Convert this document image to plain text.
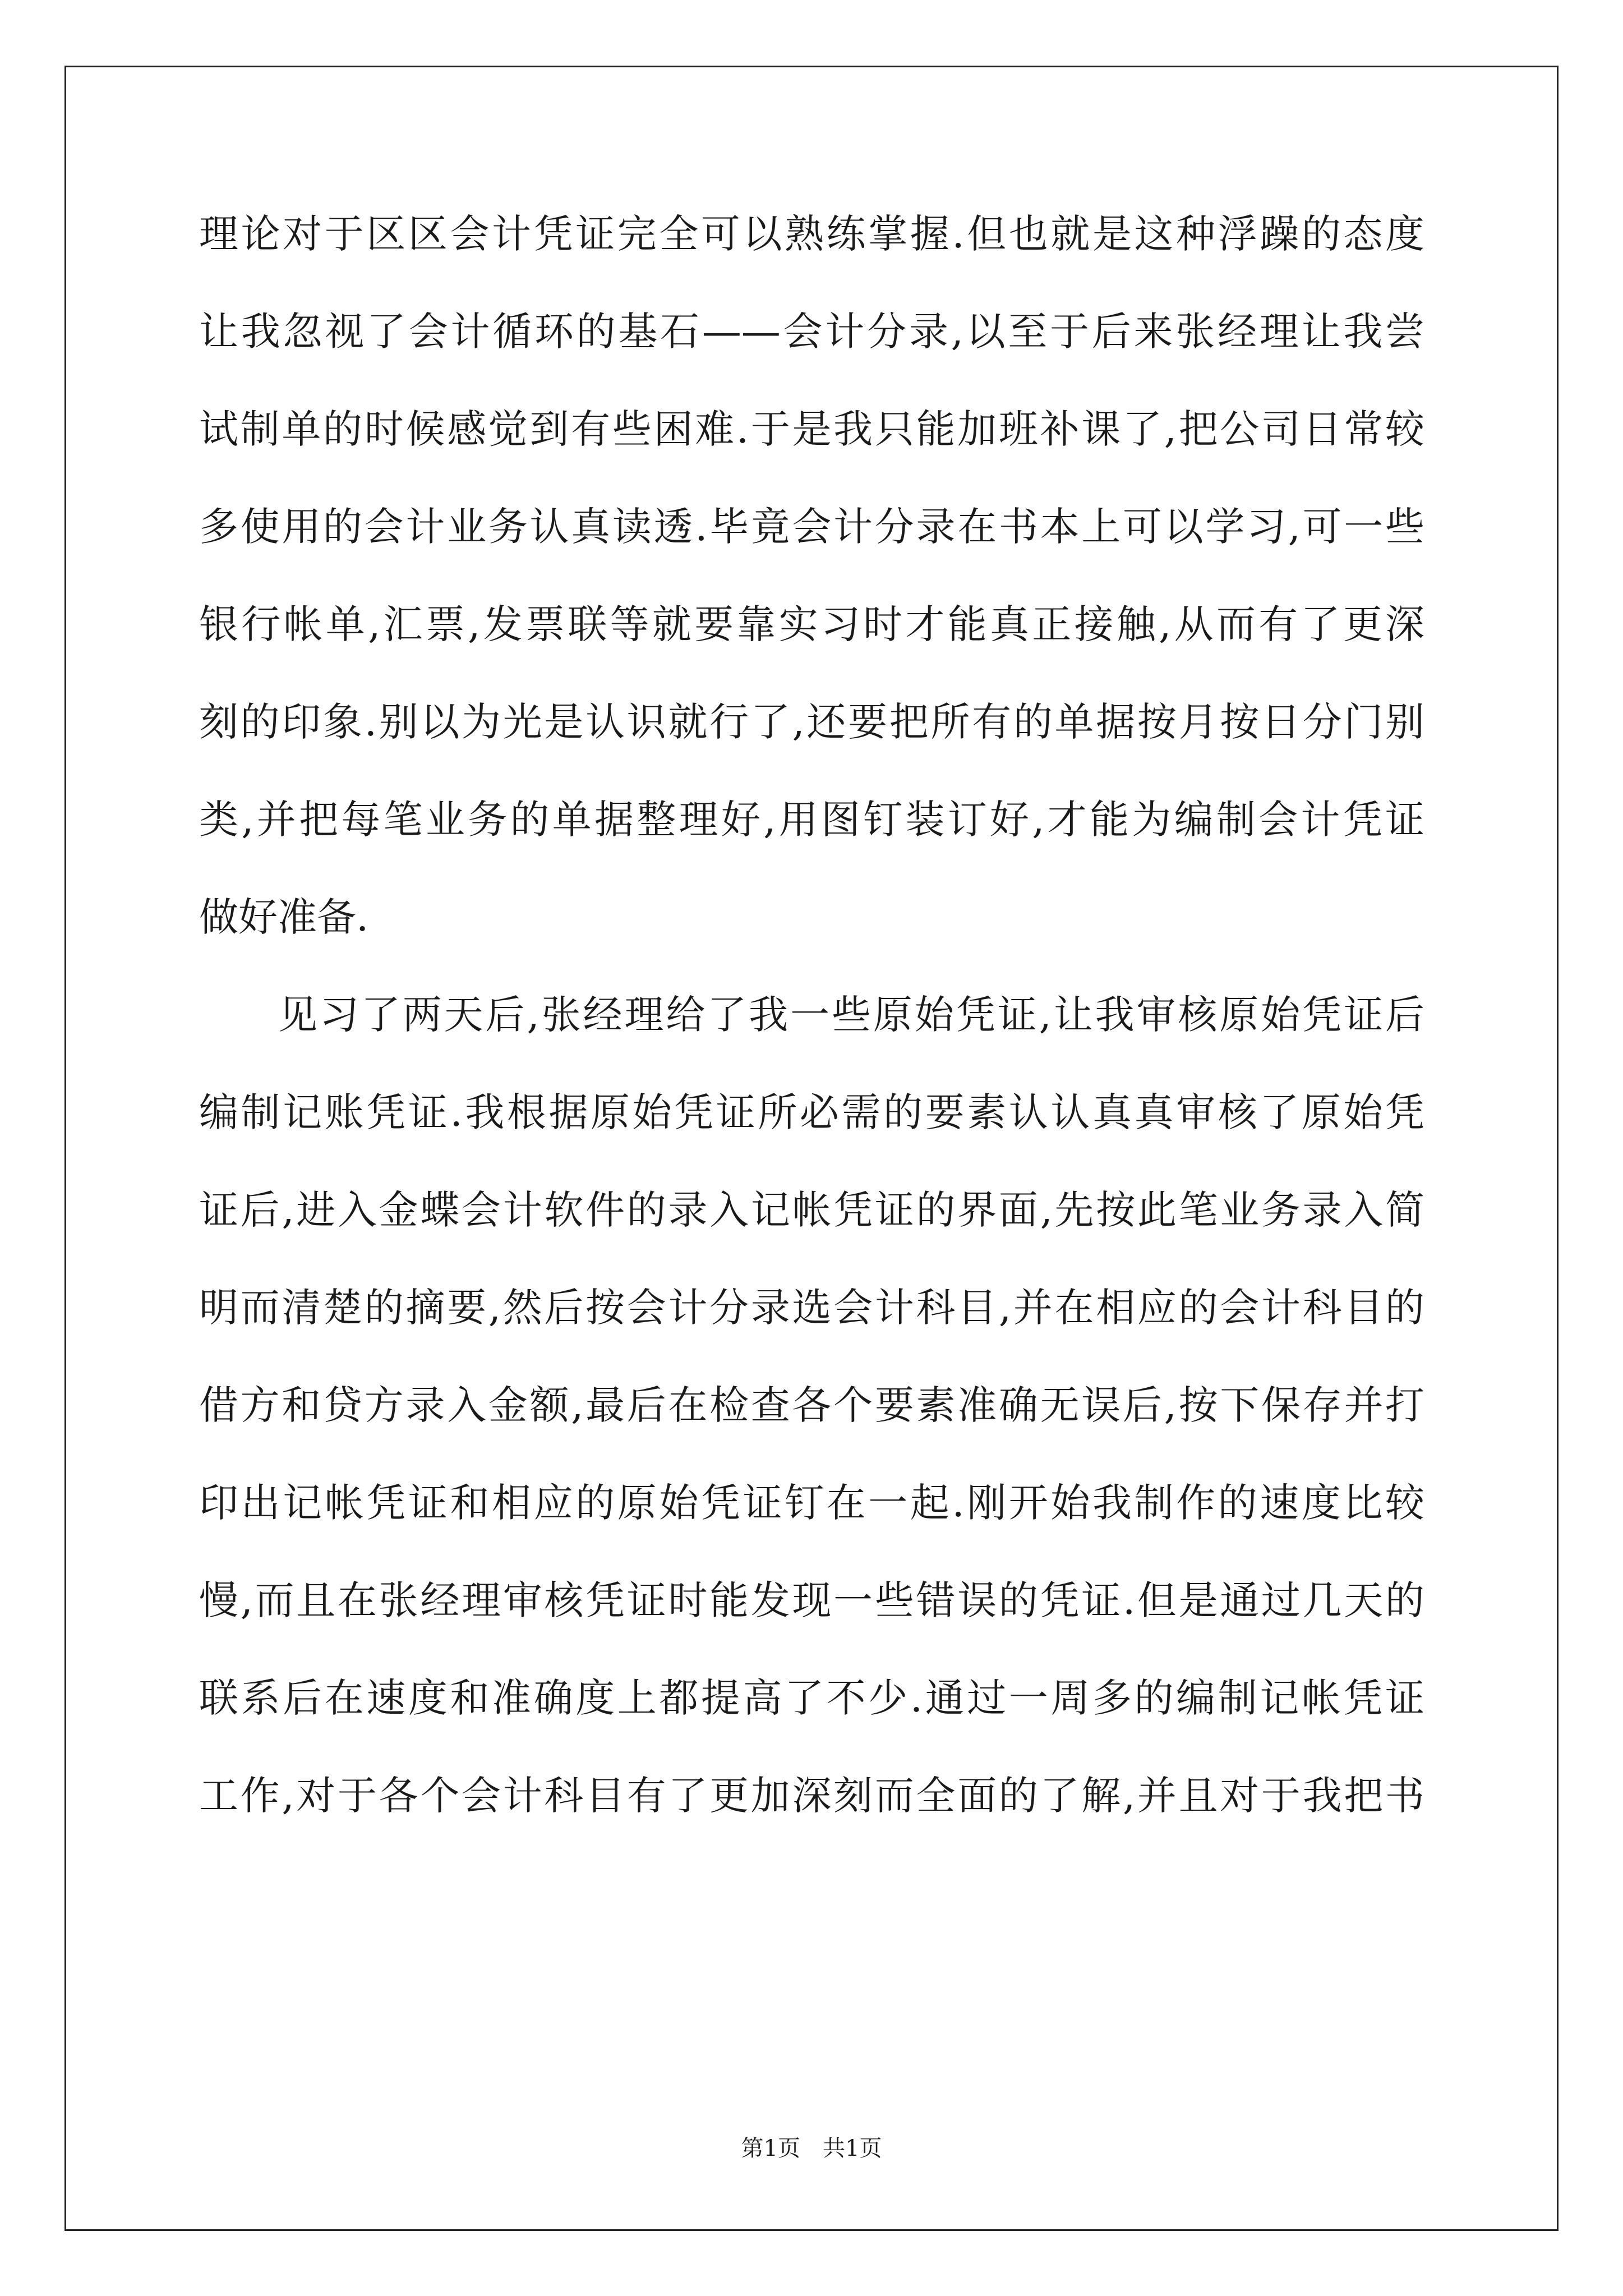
理论对于区区会计凭证完全可以熟练掌握.但也就是这种浮躁的态度
让我忽视了会计循环的基石——会计分录,以至于后来张经理让我尝
试制单的时候感觉到有些困难.于是我只能加班补课了,把公司日常较
多使用的会计业务认真读透.毕竟会计分录在书本上可以学习,可一些
银行帐单,汇票,发票联等就要靠实习时才能真正接触,从而有了更深
刻的印象.别以为光是认识就行了,还要把所有的单据按月按日分门别
类,并把每笔业务的单据整理好,用图钉装订好,才能为编制会计凭证
做好准备.
见习了两天后,张经理给了我一些原始凭证,让我审核原始凭证后
编制记账凭证.我根据原始凭证所必需的要素认认真真审核了原始凭
证后,进入金蝶会计软件的录入记帐凭证的界面,先按此笔业务录入简
明而清楚的摘要,然后按会计分录选会计科目,并在相应的会计科目的
借方和贷方录入金额,最后在检查各个要素准确无误后,按下保存并打
印出记帐凭证和相应的原始凭证钉在一起.刚开始我制作的速度比较
慢,而且在张经理审核凭证时能发现一些错误的凭证.但是通过几天的
联系后在速度和准确度上都提高了不少.通过一周多的编制记帐凭证
工作,对于各个会计科目有了更加深刻而全面的了解,并且对于我把书
第1页 共1页
